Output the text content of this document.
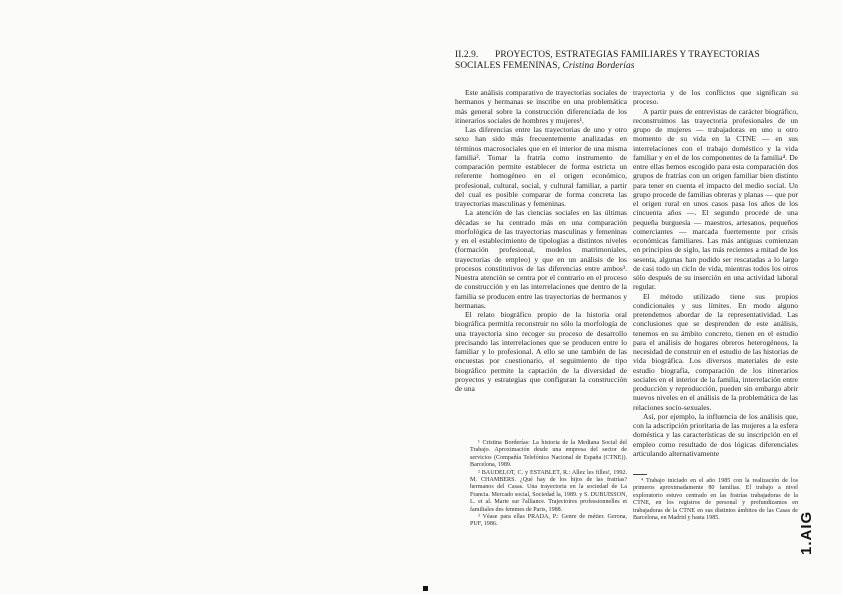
II.2.9. PROYECTOS, ESTRATEGIAS FAMILIARES Y TRAYECTORIAS SOCIALES FEMENINAS, Cristina Borderías

Este análisis comparativo de trayectorias sociales de hermanos y hermanas se inscribe en una problemática más general sobre la construcción diferenciada de los itinerarios sociales de hombres y mujeres¹.

Las diferencias entre las trayectorias de uno y otro sexo han sido más frecuentemente analizadas en términos macrosociales que en el interior de una misma familia². Tomar la fratría como instrumento de comparación permite establecer de forma estricta un referente homogéneo en el origen económico, profesional, cultural, social, y cultural familiar, a partir del cual es posible comparar de forma concreta las trayectorias masculinas y femeninas.

La atención de las ciencias sociales en las últimas décadas se ha centrado más en una comparación morfológica de las trayectorias masculinas y femeninas y en el establecimiento de tipologías a distintos niveles (formación profesional, modelos matrimoniales, trayectorias de empleo) y que en un análisis de los procesos constitutivos de las diferencias entre ambos³. Nuestra atención se centra por el contrario en el proceso de construcción y en las interrelaciones que dentro de la familia se producen entre las trayectorias de hermanos y hermanas.

El relato biográfico propio de la historia oral biográfica permitía reconstruir no sólo la morfología de una trayectoria sino recoger su proceso de desarrollo precisando las interrelaciones que se producen entre lo familiar y lo profesional. A ello se une también de las encuestas por cuestionario, el seguimiento de tipo biográfico permite la captación de la diversidad de proyectos y estrategias que configuran la construcción de una

trayectoria y de los conflictos que significan su proceso.

A partir pues de entrevistas de carácter biográfico, reconstruimos las trayectoria profesionales de un grupo de mujeres — trabajadoras en uno u otro momento de su vida en la CTNE — en sus interrelaciones con el trabajo doméstico y la vida familiar y en el de los componentes de la familia⁴. De entre ellas hemos escogido para esta comparación dos grupos de fratrías con un origen familiar bien distinto para tener en cuenta el impacto del medio social. Un grupo procede de familias obreras y planas — que por el origen rural en unos casos pasa los años de los cincuenta años —. El segundo procede de una pequeña burguesía — maestros, artesanos, pequeños comerciantes — marcada fuertemente por crisis económicas familiares. Las más antiguas comienzan en principios de siglo, las más recientes a mitad de los sesenta, algunas han podido ser rescatadas a lo largo de casi todo un ciclo de vida, mientras todos los otros sólo después de su inserción en una actividad laboral regular.

El método utilizado tiene sus propios condicionales y sus límites. En modo alguno pretendemos abordar de la representatividad. Las conclusiones que se desprenden de este análisis, tenemos en su ámbito concreto, tienen en el estudio para el análisis de hogares obreros heterogéneos, la necesidad de construir en el estudio de las historias de vida biográfica. Los diversos materiales de este estudio biografía, comparación de los itinerarios sociales en el interior de la familia, interrelación entre producción y reproducción, pueden sin embargo abrir nuevos niveles en el análisis de la problemática de las relaciones socio-sexuales.

Así, por ejemplo, la influencia de los análisis que, con la adscripción prioritaria de las mujeres a la esfera doméstica y las características de su inscripción en el empleo como resultado de dos lógicas diferenciales articulando alternativamente

¹ Cristina Borderías: La historia de la Mediana Social del Trabajo. Aproximación desde una empresa del sector de servicios (Compañía Telefónica Nacional de España (CTNE)). Barcelona, 1989.

² BAUDELOT, C. y ESTABLET, R.: Allez les filles!, 1992. M. CHAMBERS. ¿Qué hay de los hijos de las fratrías? hermanos del Casas. Una trayectoria en la sociedad de La Francia. Mercado social, Sociedad la, 1989. y S. DUBUISSON, L. et al. Marie sur l'alliance. Trajectoires professionnelles et familiales des femmes de Paris, 1988.

³ Véase para ellas PRADA, P.: Genre de métier. Gerona, PUF, 1986.

⁴ Trabajo iniciado en el año 1985 con la realización de los primeros aproximadamente 80 familias. El trabajo a nivel exploratorio estuvo centrado en las fratrías trabajadoras de la CTNE, en los registros de personal y profundizamos en trabajadoras de la CTNE en sus distintos ámbitos de las Casas de Barcelona, en Madrid y hasta 1985.	1.AIG
